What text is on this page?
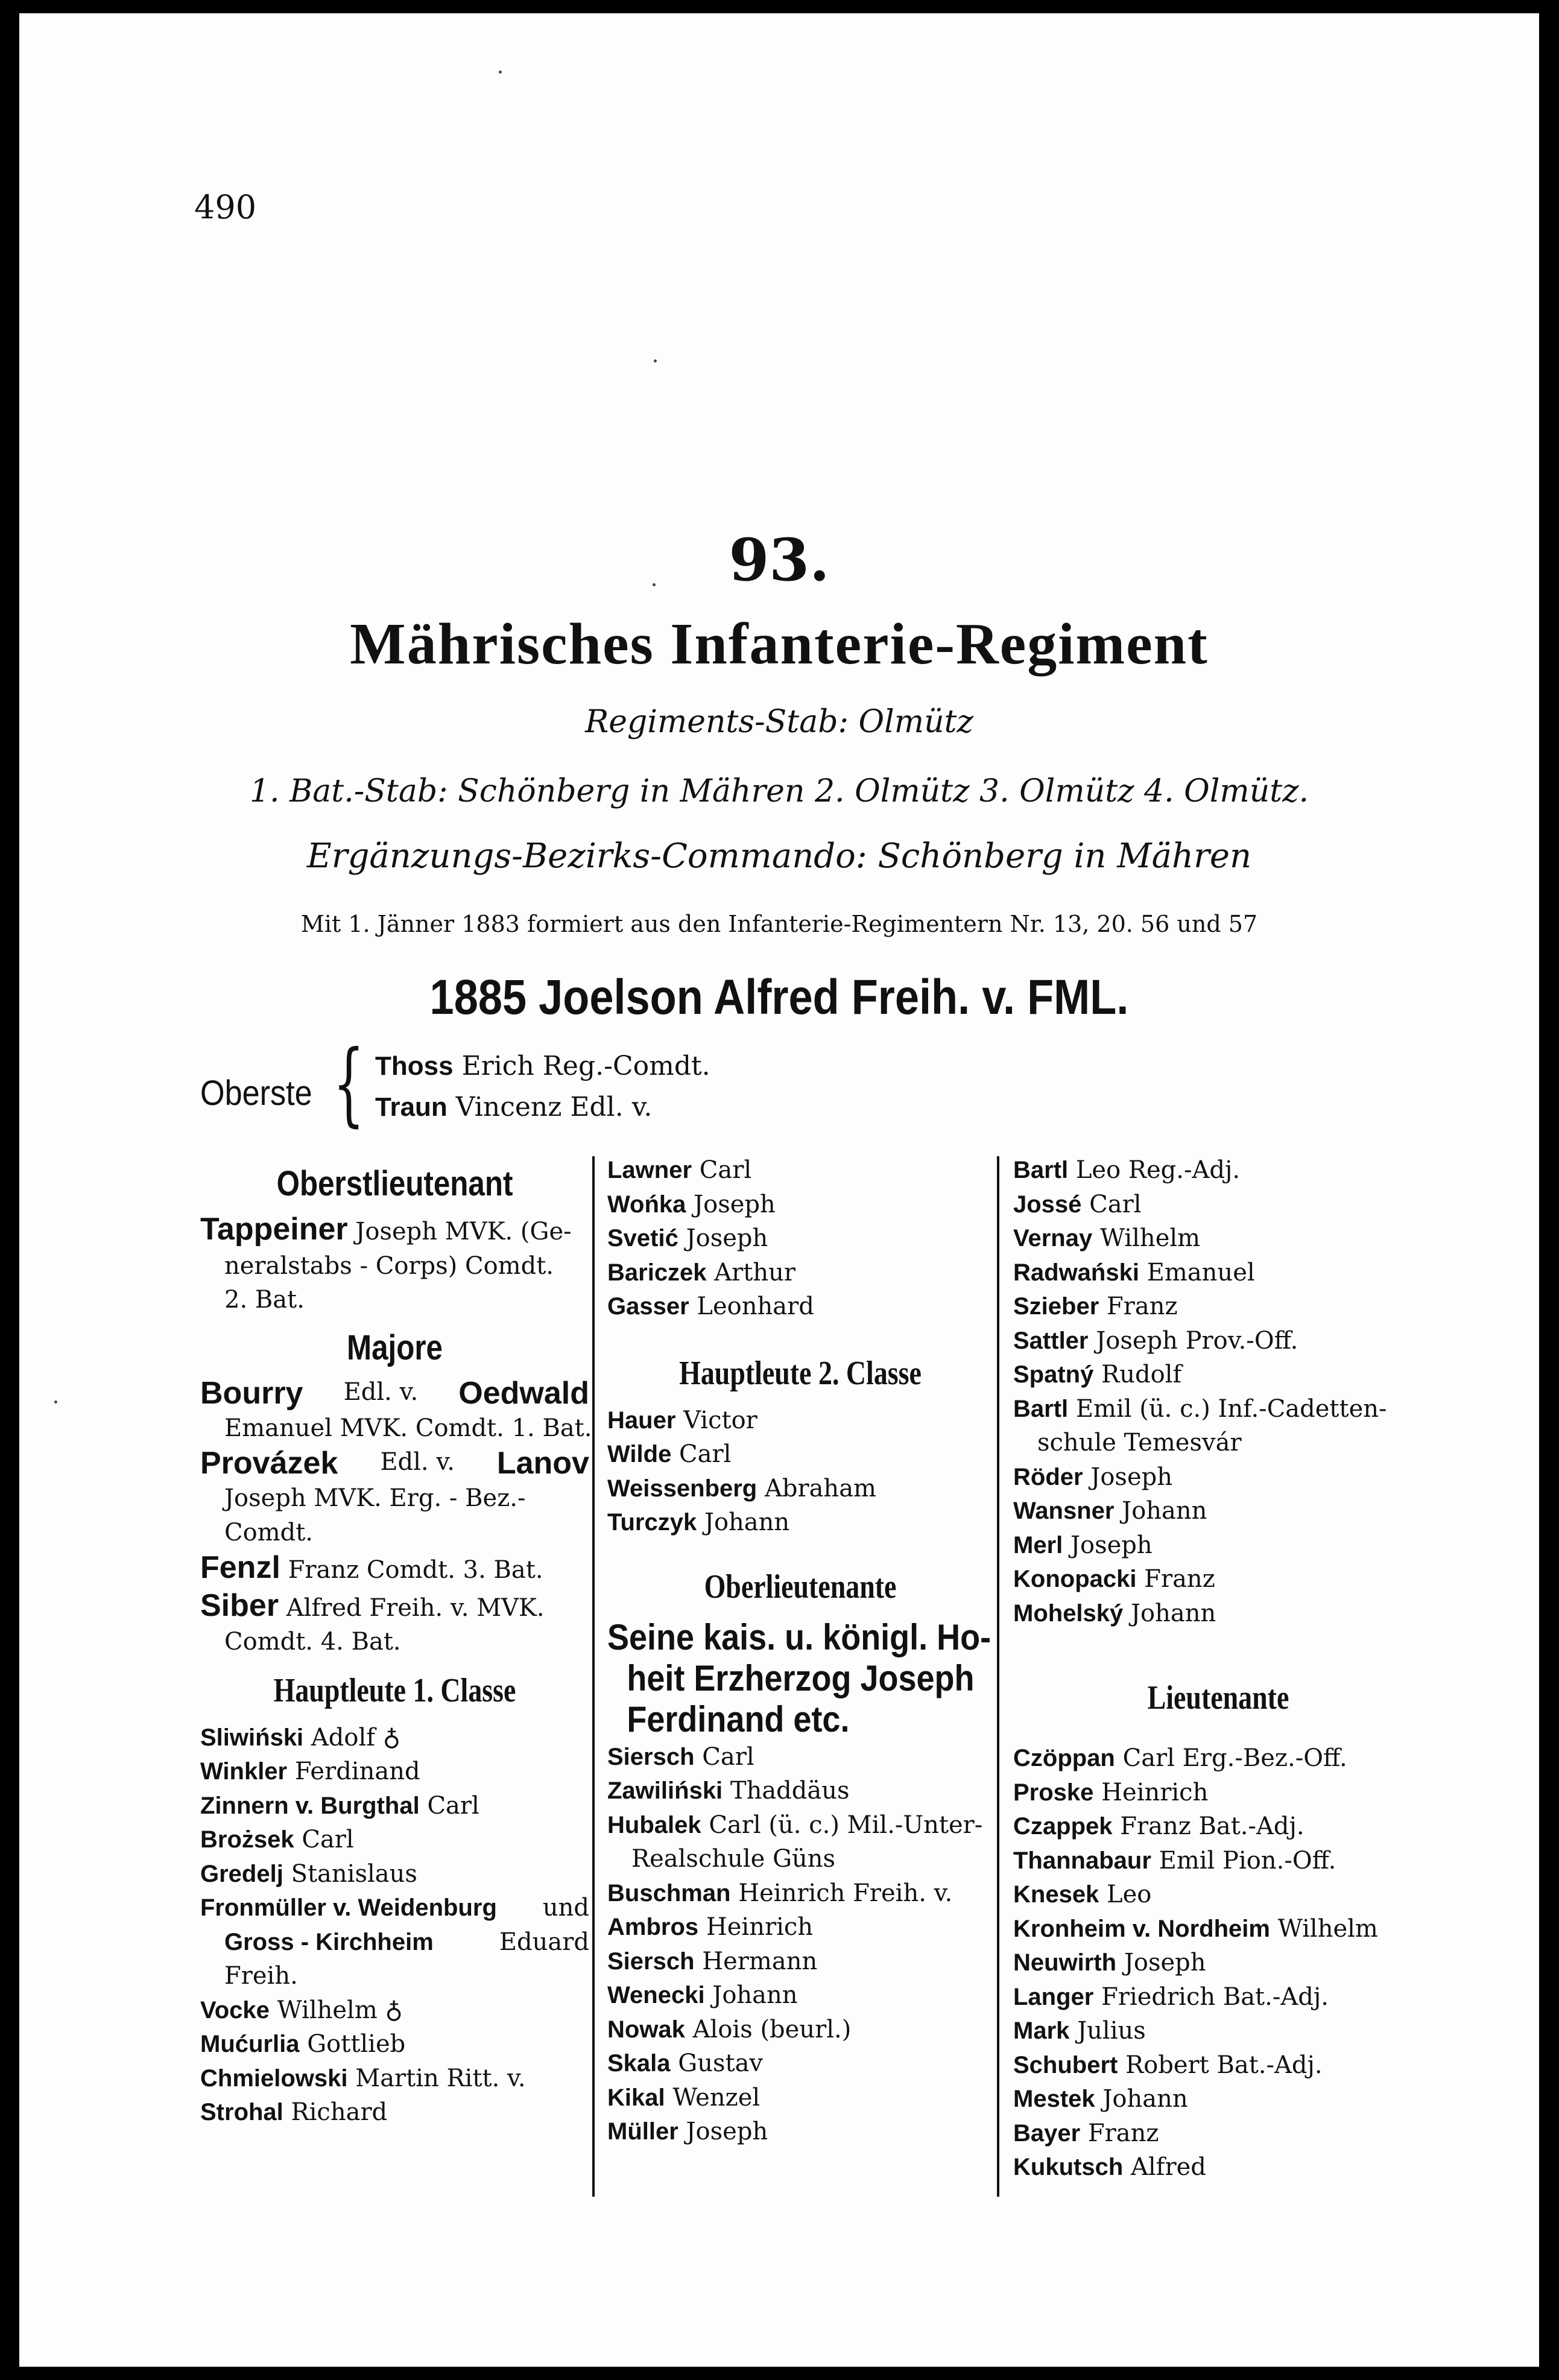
490
93.
Mährisches Infanterie-Regiment
Regiments-Stab: Olmütz
1. Bat.-Stab: Schönberg in Mähren 2. Olmütz 3. Olmütz 4. Olmütz.
Ergänzungs-Bezirks-Commando: Schönberg in Mähren
Mit 1. Jänner 1883 formiert aus den Infanterie-Regimentern Nr. 13, 20. 56 und 57
1885 Joelson Alfred Freih. v. FML.
Oberste { Thoss Erich Reg.-Comdt.
Traun Vincenz Edl. v.
Oberstlieutenant
Tappeiner Joseph MVK. (Ge-
neralstabs - Corps) Comdt.
2. Bat.
Majore
Bourry Edl. v. Oedwald
Emanuel MVK. Comdt. 1. Bat.
Provázek Edl. v. Lanov
Joseph MVK. Erg. - Bez.-
Comdt.
Fenzl Franz Comdt. 3. Bat.
Siber Alfred Freih. v. MVK.
Comdt. 4. Bat.
Hauptleute 1. Classe
Sliwiński Adolf ♁
Winkler Ferdinand
Zinnern v. Burgthal Carl
Brożsek Carl
Gredelj Stanislaus
Fronmüller v. Weidenburg und
Gross - Kirchheim	Eduard
Freih.
Vocke Wilhelm ♁
Mućurlia Gottlieb
Chmielowski Martin Ritt. v.
Strohal Richard
Lawner Carl
Wońka Joseph
Svetić Joseph
Bariczek Arthur
Gasser Leonhard
Hauptleute 2. Classe
Hauer Victor
Wilde Carl
Weissenberg Abraham
Turczyk Johann
Oberlieutenante
Seine kais. u. königl. Ho-
heit Erzherzog Joseph
Ferdinand etc.
Siersch Carl
Zawiliński Thaddäus
Hubalek Carl (ü. c.) Mil.-Unter-
Realschule Güns
Buschman Heinrich Freih. v.
Ambros Heinrich
Siersch Hermann
Wenecki Johann
Nowak Alois (beurl.)
Skala Gustav
Kikal Wenzel
Müller Joseph
Bartl Leo Reg.-Adj.
Jossé Carl
Vernay Wilhelm
Radwański Emanuel
Szieber Franz
Sattler Joseph Prov.-Off.
Spatný Rudolf
Bartl Emil (ü. c.) Inf.-Cadetten-
schule Temesvár
Röder Joseph
Wansner Johann
Merl Joseph
Konopacki Franz
Mohelský Johann
Lieutenante
Czöppan Carl Erg.-Bez.-Off.
Proske Heinrich
Czappek Franz Bat.-Adj.
Thannabaur Emil Pion.-Off.
Knesek Leo
Kronheim v. Nordheim Wilhelm
Neuwirth Joseph
Langer Friedrich Bat.-Adj.
Mark Julius
Schubert Robert Bat.-Adj.
Mestek Johann
Bayer Franz
Kukutsch Alfred
